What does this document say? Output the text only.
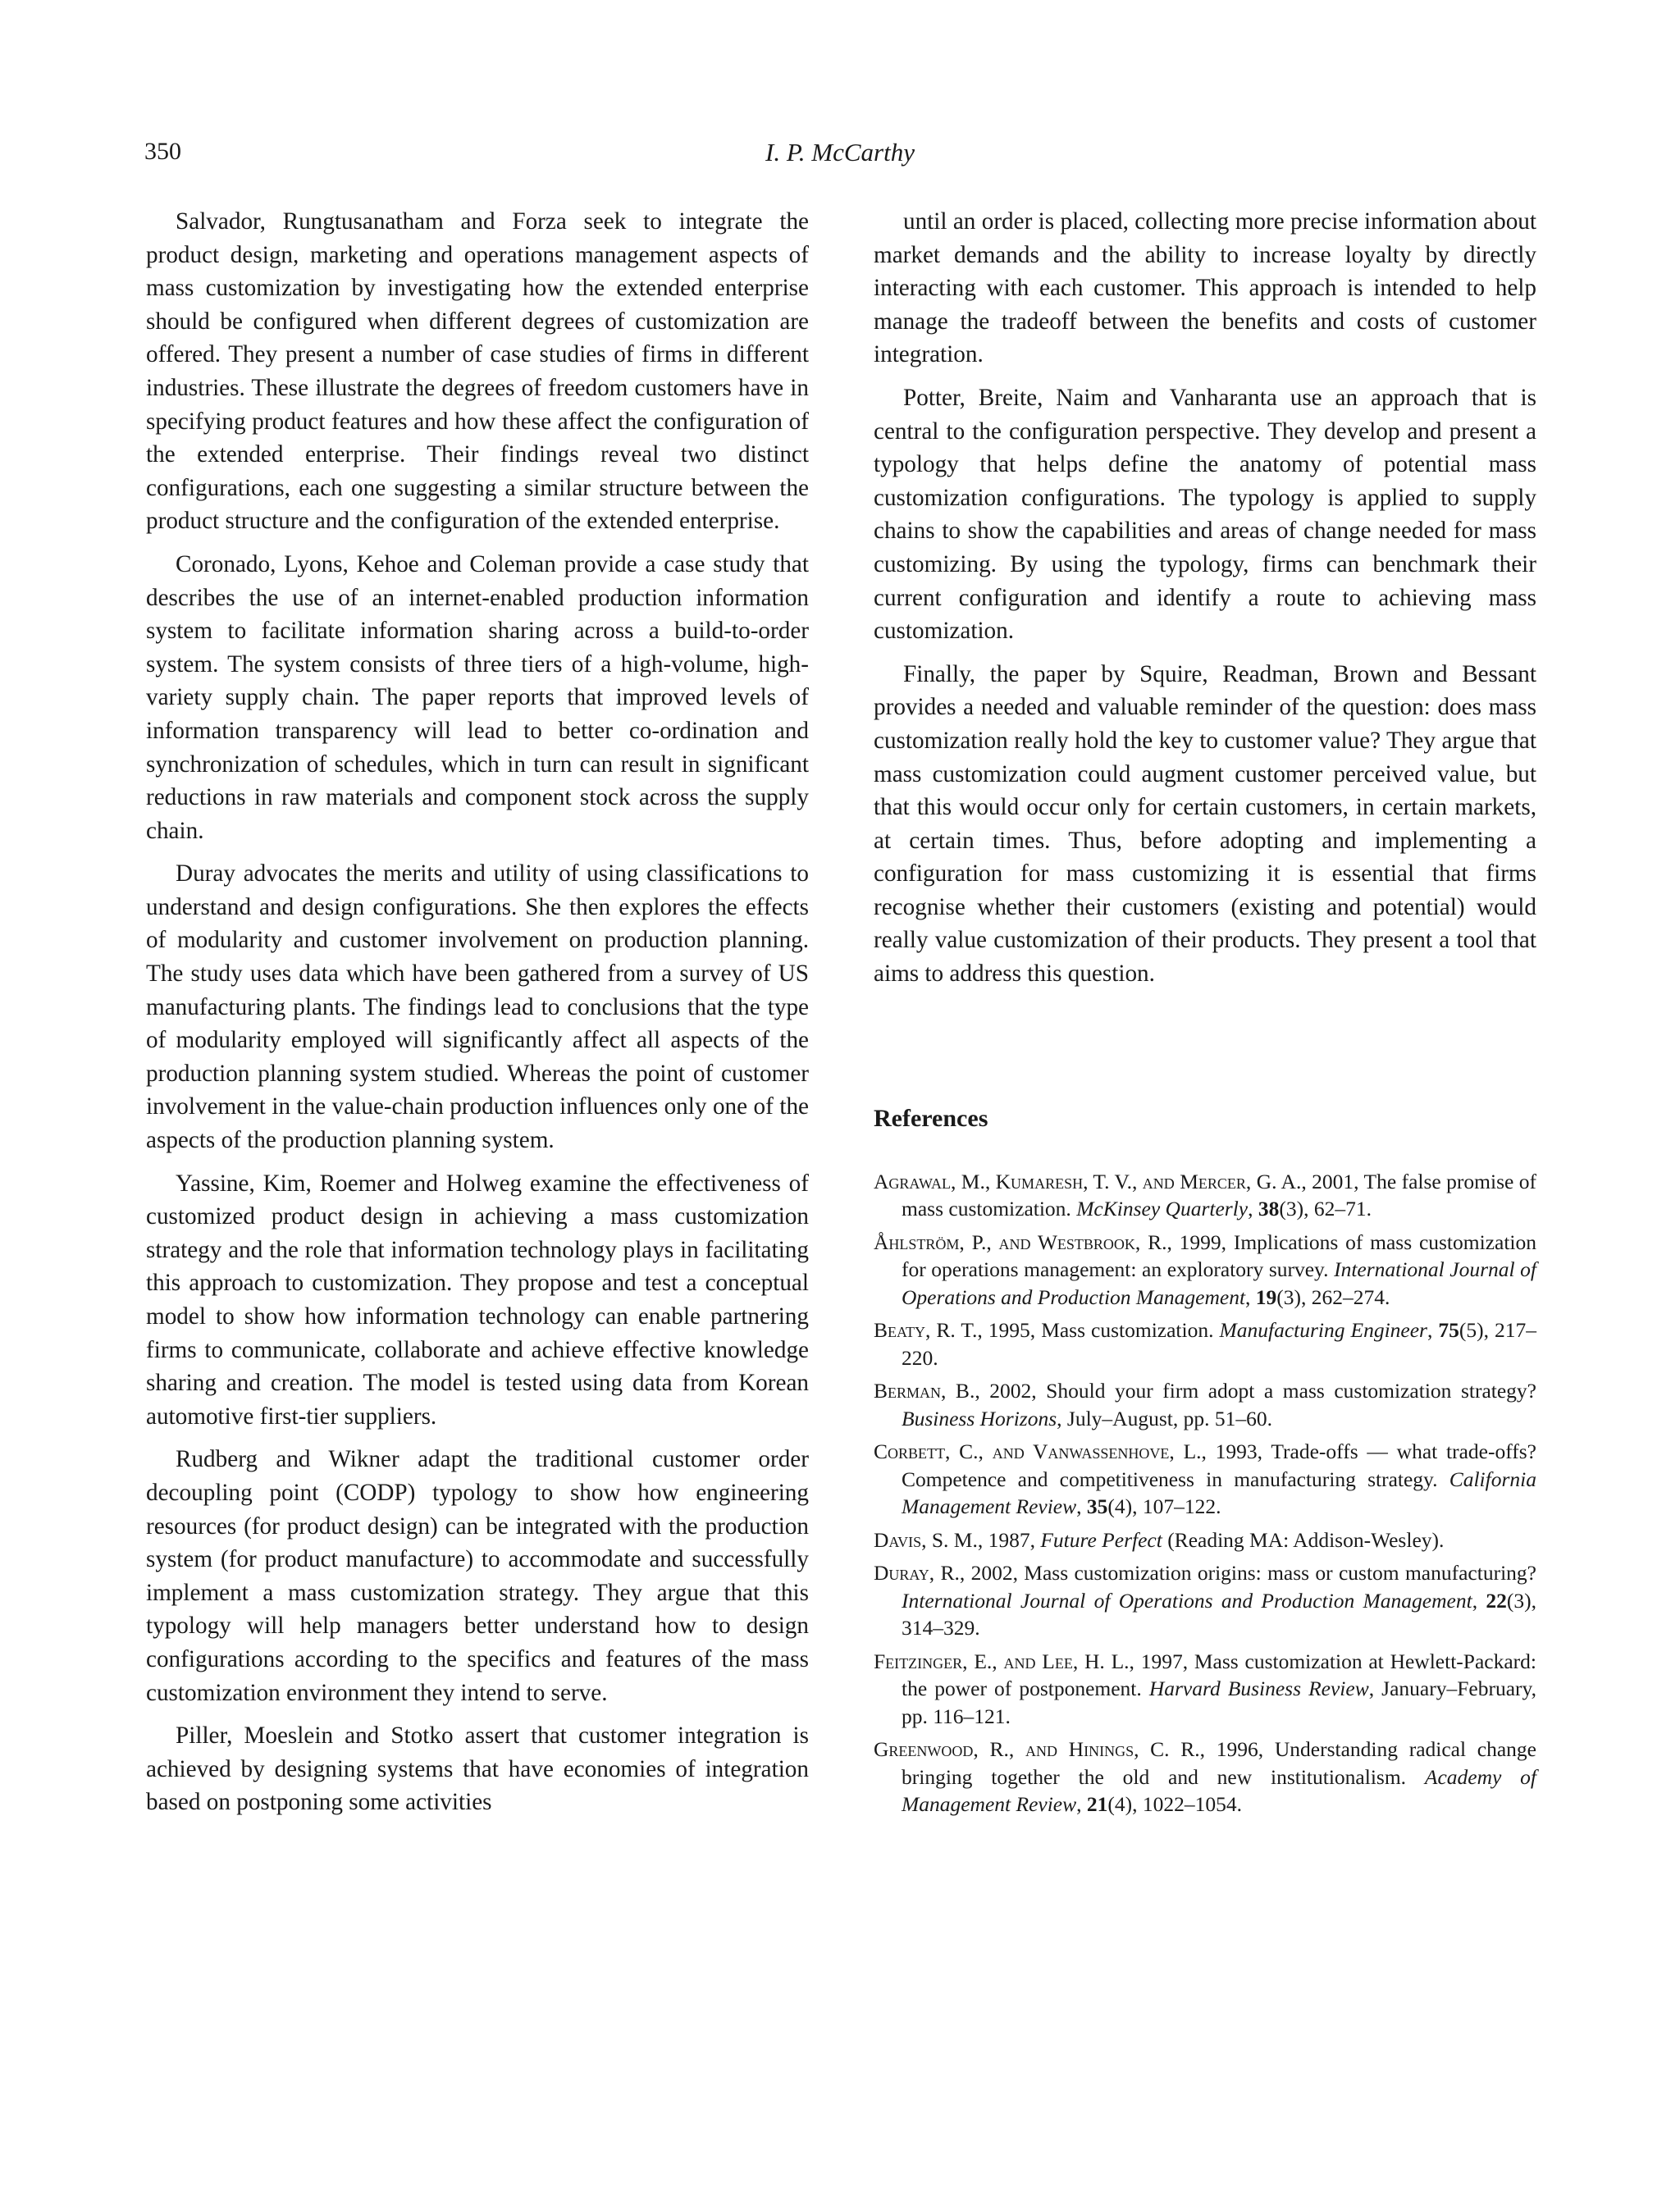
350	I. P. McCarthy

Salvador, Rungtusanatham and Forza seek to integrate the product design, marketing and operations management aspects of mass customization by investigating how the extended enterprise should be configured when different degrees of customization are offered. They present a number of case studies of firms in different industries. These illustrate the degrees of freedom customers have in specifying product features and how these affect the configuration of the extended enterprise. Their findings reveal two distinct configurations, each one suggesting a similar structure between the product structure and the configuration of the extended enterprise.

Coronado, Lyons, Kehoe and Coleman provide a case study that describes the use of an internet-enabled production information system to facilitate information sharing across a build-to-order system. The system consists of three tiers of a high-volume, high-variety supply chain. The paper reports that improved levels of information transparency will lead to better co-ordination and synchronization of schedules, which in turn can result in significant reductions in raw materials and component stock across the supply chain.

Duray advocates the merits and utility of using classifications to understand and design configurations. She then explores the effects of modularity and customer involvement on production planning. The study uses data which have been gathered from a survey of US manufacturing plants. The findings lead to conclusions that the type of modularity employed will significantly affect all aspects of the production planning system studied. Whereas the point of customer involvement in the value-chain production influences only one of the aspects of the production planning system.

Yassine, Kim, Roemer and Holweg examine the effectiveness of customized product design in achieving a mass customization strategy and the role that information technology plays in facilitating this approach to customization. They propose and test a conceptual model to show how information technology can enable partnering firms to communicate, collaborate and achieve effective knowledge sharing and creation. The model is tested using data from Korean automotive first-tier suppliers.

Rudberg and Wikner adapt the traditional customer order decoupling point (CODP) typology to show how engineering resources (for product design) can be integrated with the production system (for product manufacture) to accommodate and successfully implement a mass customization strategy. They argue that this typology will help managers better understand how to design configurations according to the specifics and features of the mass customization environment they intend to serve.

Piller, Moeslein and Stotko assert that customer integration is achieved by designing systems that have economies of integration based on postponing some activities

until an order is placed, collecting more precise information about market demands and the ability to increase loyalty by directly interacting with each customer. This approach is intended to help manage the tradeoff between the benefits and costs of customer integration.

Potter, Breite, Naim and Vanharanta use an approach that is central to the configuration perspective. They develop and present a typology that helps define the anatomy of potential mass customization configurations. The typology is applied to supply chains to show the capabilities and areas of change needed for mass customizing. By using the typology, firms can benchmark their current configuration and identify a route to achieving mass customization.

Finally, the paper by Squire, Readman, Brown and Bessant provides a needed and valuable reminder of the question: does mass customization really hold the key to customer value? They argue that mass customization could augment customer perceived value, but that this would occur only for certain customers, in certain markets, at certain times. Thus, before adopting and implementing a configuration for mass customizing it is essential that firms recognise whether their customers (existing and potential) would really value customization of their products. They present a tool that aims to address this question.

References
Agrawal, M., Kumaresh, T. V., and Mercer, G. A., 2001, The false promise of mass customization. McKinsey Quarterly, 38(3), 62–71.
Åhlström, P., and Westbrook, R., 1999, Implications of mass customization for operations management: an exploratory survey. International Journal of Operations and Production Management, 19(3), 262–274.
Beaty, R. T., 1995, Mass customization. Manufacturing Engineer, 75(5), 217–220.
Berman, B., 2002, Should your firm adopt a mass customization strategy? Business Horizons, July–August, pp. 51–60.
Corbett, C., and Vanwassenhove, L., 1993, Trade-offs — what trade-offs? Competence and competitiveness in manufacturing strategy. California Management Review, 35(4), 107–122.
Davis, S. M., 1987, Future Perfect (Reading MA: Addison-Wesley).
Duray, R., 2002, Mass customization origins: mass or custom manufacturing? International Journal of Operations and Production Management, 22(3), 314–329.
Feitzinger, E., and Lee, H. L., 1997, Mass customization at Hewlett-Packard: the power of postponement. Harvard Business Review, January–February, pp. 116–121.
Greenwood, R., and Hinings, C. R., 1996, Understanding radical change bringing together the old and new institutionalism. Academy of Management Review, 21(4), 1022–1054.
